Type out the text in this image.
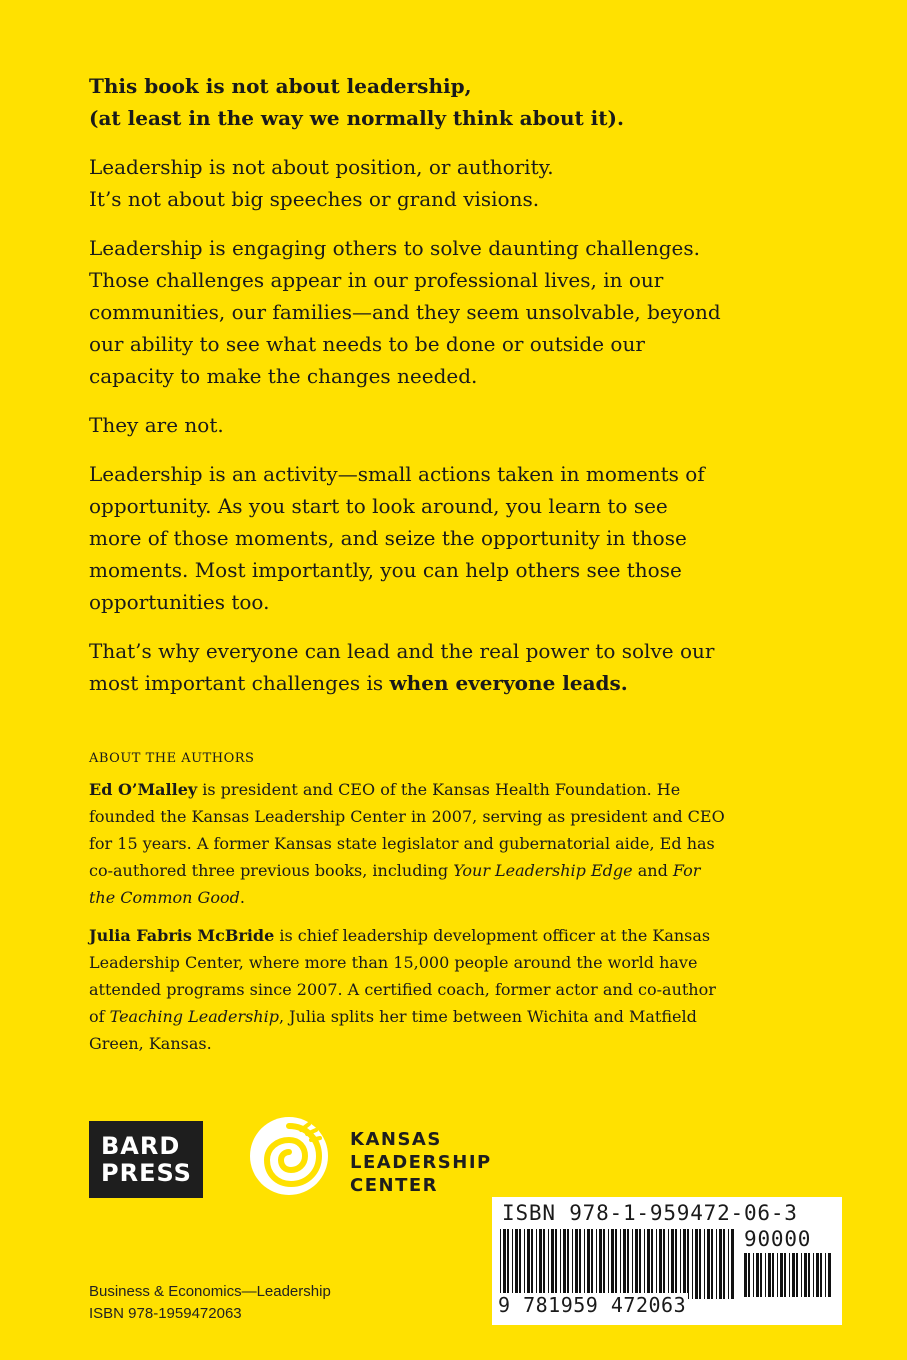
This book is not about leadership,
(at least in the way we normally think about it).
Leadership is not about position, or authority.
It’s not about big speeches or grand visions.
Leadership is engaging others to solve daunting challenges. Those challenges appear in our professional lives, in our communities, our families—and they seem unsolvable, beyond our ability to see what needs to be done or outside our capacity to make the changes needed.
They are not.
Leadership is an activity—small actions taken in moments of opportunity. As you start to look around, you learn to see more of those moments, and seize the opportunity in those moments. Most importantly, you can help others see those opportunities too.
That’s why everyone can lead and the real power to solve our most important challenges is when everyone leads.
ABOUT THE AUTHORS
Ed O’Malley is president and CEO of the Kansas Health Foundation. He founded the Kansas Leadership Center in 2007, serving as president and CEO for 15 years. A former Kansas state legislator and gubernatorial aide, Ed has co-authored three previous books, including Your Leadership Edge and For the Common Good.
Julia Fabris McBride is chief leadership development officer at the Kansas Leadership Center, where more than 15,000 people around the world have attended programs since 2007. A certified coach, former actor and co-author of Teaching Leadership, Julia splits her time between Wichita and Matfield Green, Kansas.
BARD
PRESS
KANSAS
LEADERSHIP
CENTER
ISBN 978-1-959472-06-3
90000
9 781959 472063
Business & Economics—Leadership
ISBN 978-1959472063
